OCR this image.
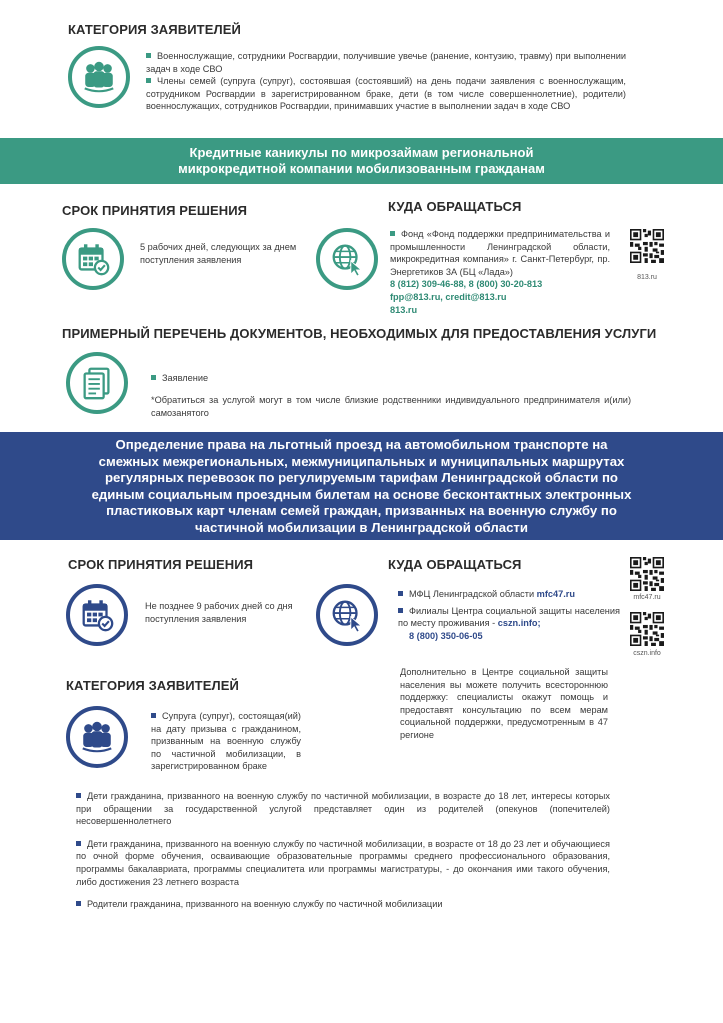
КАТЕГОРИЯ ЗАЯВИТЕЛЕЙ
Военнослужащие, сотрудники Росгвардии, получившие увечье (ранение, контузию, травму) при выполнении задач в ходе СВО
Члены семей (супруга (супруг), состоявшая (состоявший) на день подачи заявления с военнослужащим, сотрудником Росгвардии в зарегистрированном браке, дети (в том числе совершеннолетние), родители) военнослужащих, сотрудников Росгвардии, принимавших участие в выполнении задач в ходе СВО
Кредитные каникулы по микрозаймам региональной
микрокредитной компании мобилизованным гражданам
СРОК ПРИНЯТИЯ РЕШЕНИЯ
5 рабочих дней, следующих за днем поступления заявления
КУДА ОБРАЩАТЬСЯ
Фонд «Фонд поддержки предпринимательства и промышленности Ленинградской области, микрокредитная компания» г. Санкт-Петербург, пр. Энергетиков 3А (БЦ «Лада»)
8 (812) 309-46-88, 8 (800) 30-20-813
fpp@813.ru, credit@813.ru
813.ru
813.ru
ПРИМЕРНЫЙ ПЕРЕЧЕНЬ ДОКУМЕНТОВ, НЕОБХОДИМЫХ ДЛЯ ПРЕДОСТАВЛЕНИЯ УСЛУГИ
Заявление
*Обратиться за услугой могут в том числе близкие родственники индивидуального предпринимателя и(или) самозанятого
Определение права на льготный проезд на автомобильном транспорте на
смежных межрегиональных, межмуниципальных и муниципальных маршрутах
регулярных перевозок по регулируемым тарифам Ленинградской области по
единым социальным проездным билетам на основе бесконтактных электронных
пластиковых карт членам семей граждан, призванных на военную службу по
частичной мобилизации в Ленинградской области
СРОК ПРИНЯТИЯ РЕШЕНИЯ
Не позднее 9 рабочих дней со дня поступления заявления
КУДА ОБРАЩАТЬСЯ
МФЦ Ленинградской области mfc47.ru
Филиалы Центра социальной защиты населения по месту проживания - cszn.info;
8 (800) 350-06-05
mfc47.ru
cszn.info
Дополнительно в Центре социальной защиты населения вы можете получить всестороннюю поддержку: специалисты окажут помощь и предоставят консультацию по всем мерам социальной поддержки, предусмотренным в 47 регионе
КАТЕГОРИЯ ЗАЯВИТЕЛЕЙ
Супруга (супруг), состоящая(ий) на дату призыва с гражданином, призванным на военную службу по частичной мобилизации, в зарегистрированном браке
Дети гражданина, призванного на военную службу по частичной мобилизации, в возрасте до 18 лет, интересы которых при обращении за государственной услугой представляет один из родителей (опекунов (попечителей) несовершеннолетнего
Дети гражданина, призванного на военную службу по частичной мобилизации, в возрасте от 18 до 23 лет и обучающиеся по очной форме обучения, осваивающие образовательные программы среднего профессионального образования, программы бакалавриата, программы специалитета или программы магистратуры, - до окончания ими такого обучения, либо достижения 23 летнего возраста
Родители гражданина, призванного на военную службу по частичной мобилизации
